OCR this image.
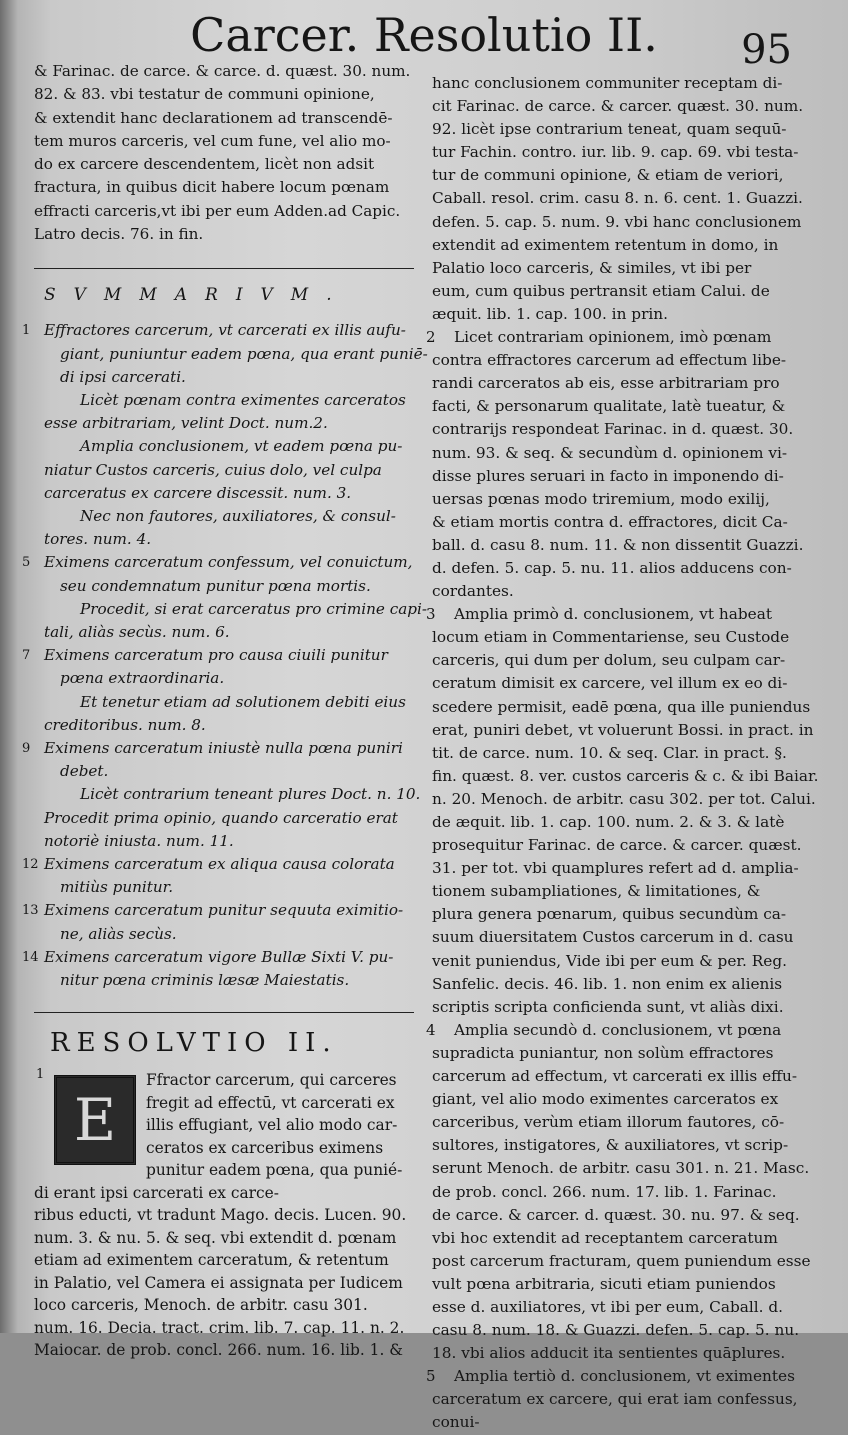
Carcer. Resolutio II.	95
& Farinac. de carce. & carce. d. quæst. 30. num.
82. & 83. vbi testatur de communi opinione,
& extendit hanc declarationem ad transcendē-
tem muros carceris, vel cum fune, vel alio mo-
do ex carcere descendentem, licèt non adsit
fractura, in quibus dicit habere locum pœnam
effracti carceris,vt ibi per eum Adden.ad Capic.
Latro decis. 76. in fin.
SVMMARIVM.
1 Effractores carcerum, vt carcerati ex illis aufu-
giant, puniuntur eadem pœna, qua erant puniē-
di ipsi carcerati.
Licèt pœnam contra eximentes carceratos
esse arbitrariam, velint Doct. num.2.
Amplia conclusionem, vt eadem pœna pu-
niatur Custos carceris, cuius dolo, vel culpa
carceratus ex carcere discessit. num. 3.
Nec non fautores, auxiliatores, & consul-
tores. num. 4.
5 Eximens carceratum confessum, vel conuictum,
seu condemnatum punitur pœna mortis.
Procedit, si erat carceratus pro crimine capi-
tali, aliàs secùs. num. 6.
7 Eximens carceratum pro causa ciuili punitur
pœna extraordinaria.
Et tenetur etiam ad solutionem debiti eius
creditoribus. num. 8.
9 Eximens carceratum iniustè nulla pœna puniri
debet.
Licèt contrarium teneant plures Doct. n. 10.
Procedit prima opinio, quando carceratio erat
notoriè iniusta. num. 11.
12 Eximens carceratum ex aliqua causa colorata
mitiùs punitur.
13 Eximens carceratum punitur sequuta eximitio-
ne, aliàs secùs.
14 Eximens carceratum vigore Bullæ Sixti V. pu-
nitur pœna criminis læsæ Maiestatis.
RESOLVTIO II.
1
E
Ffractor carcerum, qui carceres
fregit ad effectū, vt carcerati ex
illis effugiant, vel alio modo car-
ceratos ex carceribus eximens
punitur eadem pœna, qua punié-
di erant ipsi carcerati ex carce-
ribus educti, vt tradunt Mago. decis. Lucen. 90.
num. 3. & nu. 5. & seq. vbi extendit d. pœnam
etiam ad eximentem carceratum, & retentum
in Palatio, vel Camera ei assignata per Iudicem
loco carceris, Menoch. de arbitr. casu 301.
num. 16. Decia. tract. crim. lib. 7. cap. 11. n. 2.
Maiocar. de prob. concl. 266. num. 16. lib. 1. &
hanc conclusionem communiter receptam di-
cit Farinac. de carce. & carcer. quæst. 30. num.
92. licèt ipse contrarium teneat, quam sequū-
tur Fachin. contro. iur. lib. 9. cap. 69. vbi testa-
tur de communi opinione, & etiam de veriori,
Caball. resol. crim. casu 8. n. 6. cent. 1. Guazzi.
defen. 5. cap. 5. num. 9. vbi hanc conclusionem
extendit ad eximentem retentum in domo, in
Palatio loco carceris, & similes, vt ibi per
eum, cum quibus pertransit etiam Calui. de
æquit. lib. 1. cap. 100. in prin.
2 Licet contrariam opinionem, imò pœnam
contra effractores carcerum ad effectum libe-
randi carceratos ab eis, esse arbitrariam pro
facti, & personarum qualitate, latè tueatur, &
contrarijs respondeat Farinac. in d. quæst. 30.
num. 93. & seq. & secundùm d. opinionem vi-
disse plures seruari in facto in imponendo di-
uersas pœnas modo triremium, modo exilij,
& etiam mortis contra d. effractores, dicit Ca-
ball. d. casu 8. num. 11. & non dissentit Guazzi.
d. defen. 5. cap. 5. nu. 11. alios adducens con-
cordantes.
3 Amplia primò d. conclusionem, vt habeat
locum etiam in Commentariense, seu Custode
carceris, qui dum per dolum, seu culpam car-
ceratum dimisit ex carcere, vel illum ex eo di-
scedere permisit, eadē pœna, qua ille puniendus
erat, puniri debet, vt voluerunt Bossi. in pract. in
tit. de carce. num. 10. & seq. Clar. in pract. §.
fin. quæst. 8. ver. custos carceris & c. & ibi Baiar.
n. 20. Menoch. de arbitr. casu 302. per tot. Calui.
de æquit. lib. 1. cap. 100. num. 2. & 3. & latè
prosequitur Farinac. de carce. & carcer. quæst.
31. per tot. vbi quamplures refert ad d. amplia-
tionem subampliationes, & limitationes, &
plura genera pœnarum, quibus secundùm ca-
suum diuersitatem Custos carcerum in d. casu
venit puniendus, Vide ibi per eum & per. Reg.
Sanfelic. decis. 46. lib. 1. non enim ex alienis
scriptis scripta conficienda sunt, vt aliàs dixi.
4 Amplia secundò d. conclusionem, vt pœna
supradicta puniantur, non solùm effractores
carcerum ad effectum, vt carcerati ex illis effu-
giant, vel alio modo eximentes carceratos ex
carceribus, verùm etiam illorum fautores, cō-
sultores, instigatores, & auxiliatores, vt scrip-
serunt Menoch. de arbitr. casu 301. n. 21. Masc.
de prob. concl. 266. num. 17. lib. 1. Farinac.
de carce. & carcer. d. quæst. 30. nu. 97. & seq.
vbi hoc extendit ad receptantem carceratum
post carcerum fracturam, quem puniendum esse
vult pœna arbitraria, sicuti etiam puniendos
esse d. auxiliatores, vt ibi per eum, Caball. d.
casu 8. num. 18. & Guazzi. defen. 5. cap. 5. nu.
18. vbi alios adducit ita sentientes quāplures.
5 Amplia tertiò d. conclusionem, vt eximentes
carceratum ex carcere, qui erat iam confessus,
conui-
